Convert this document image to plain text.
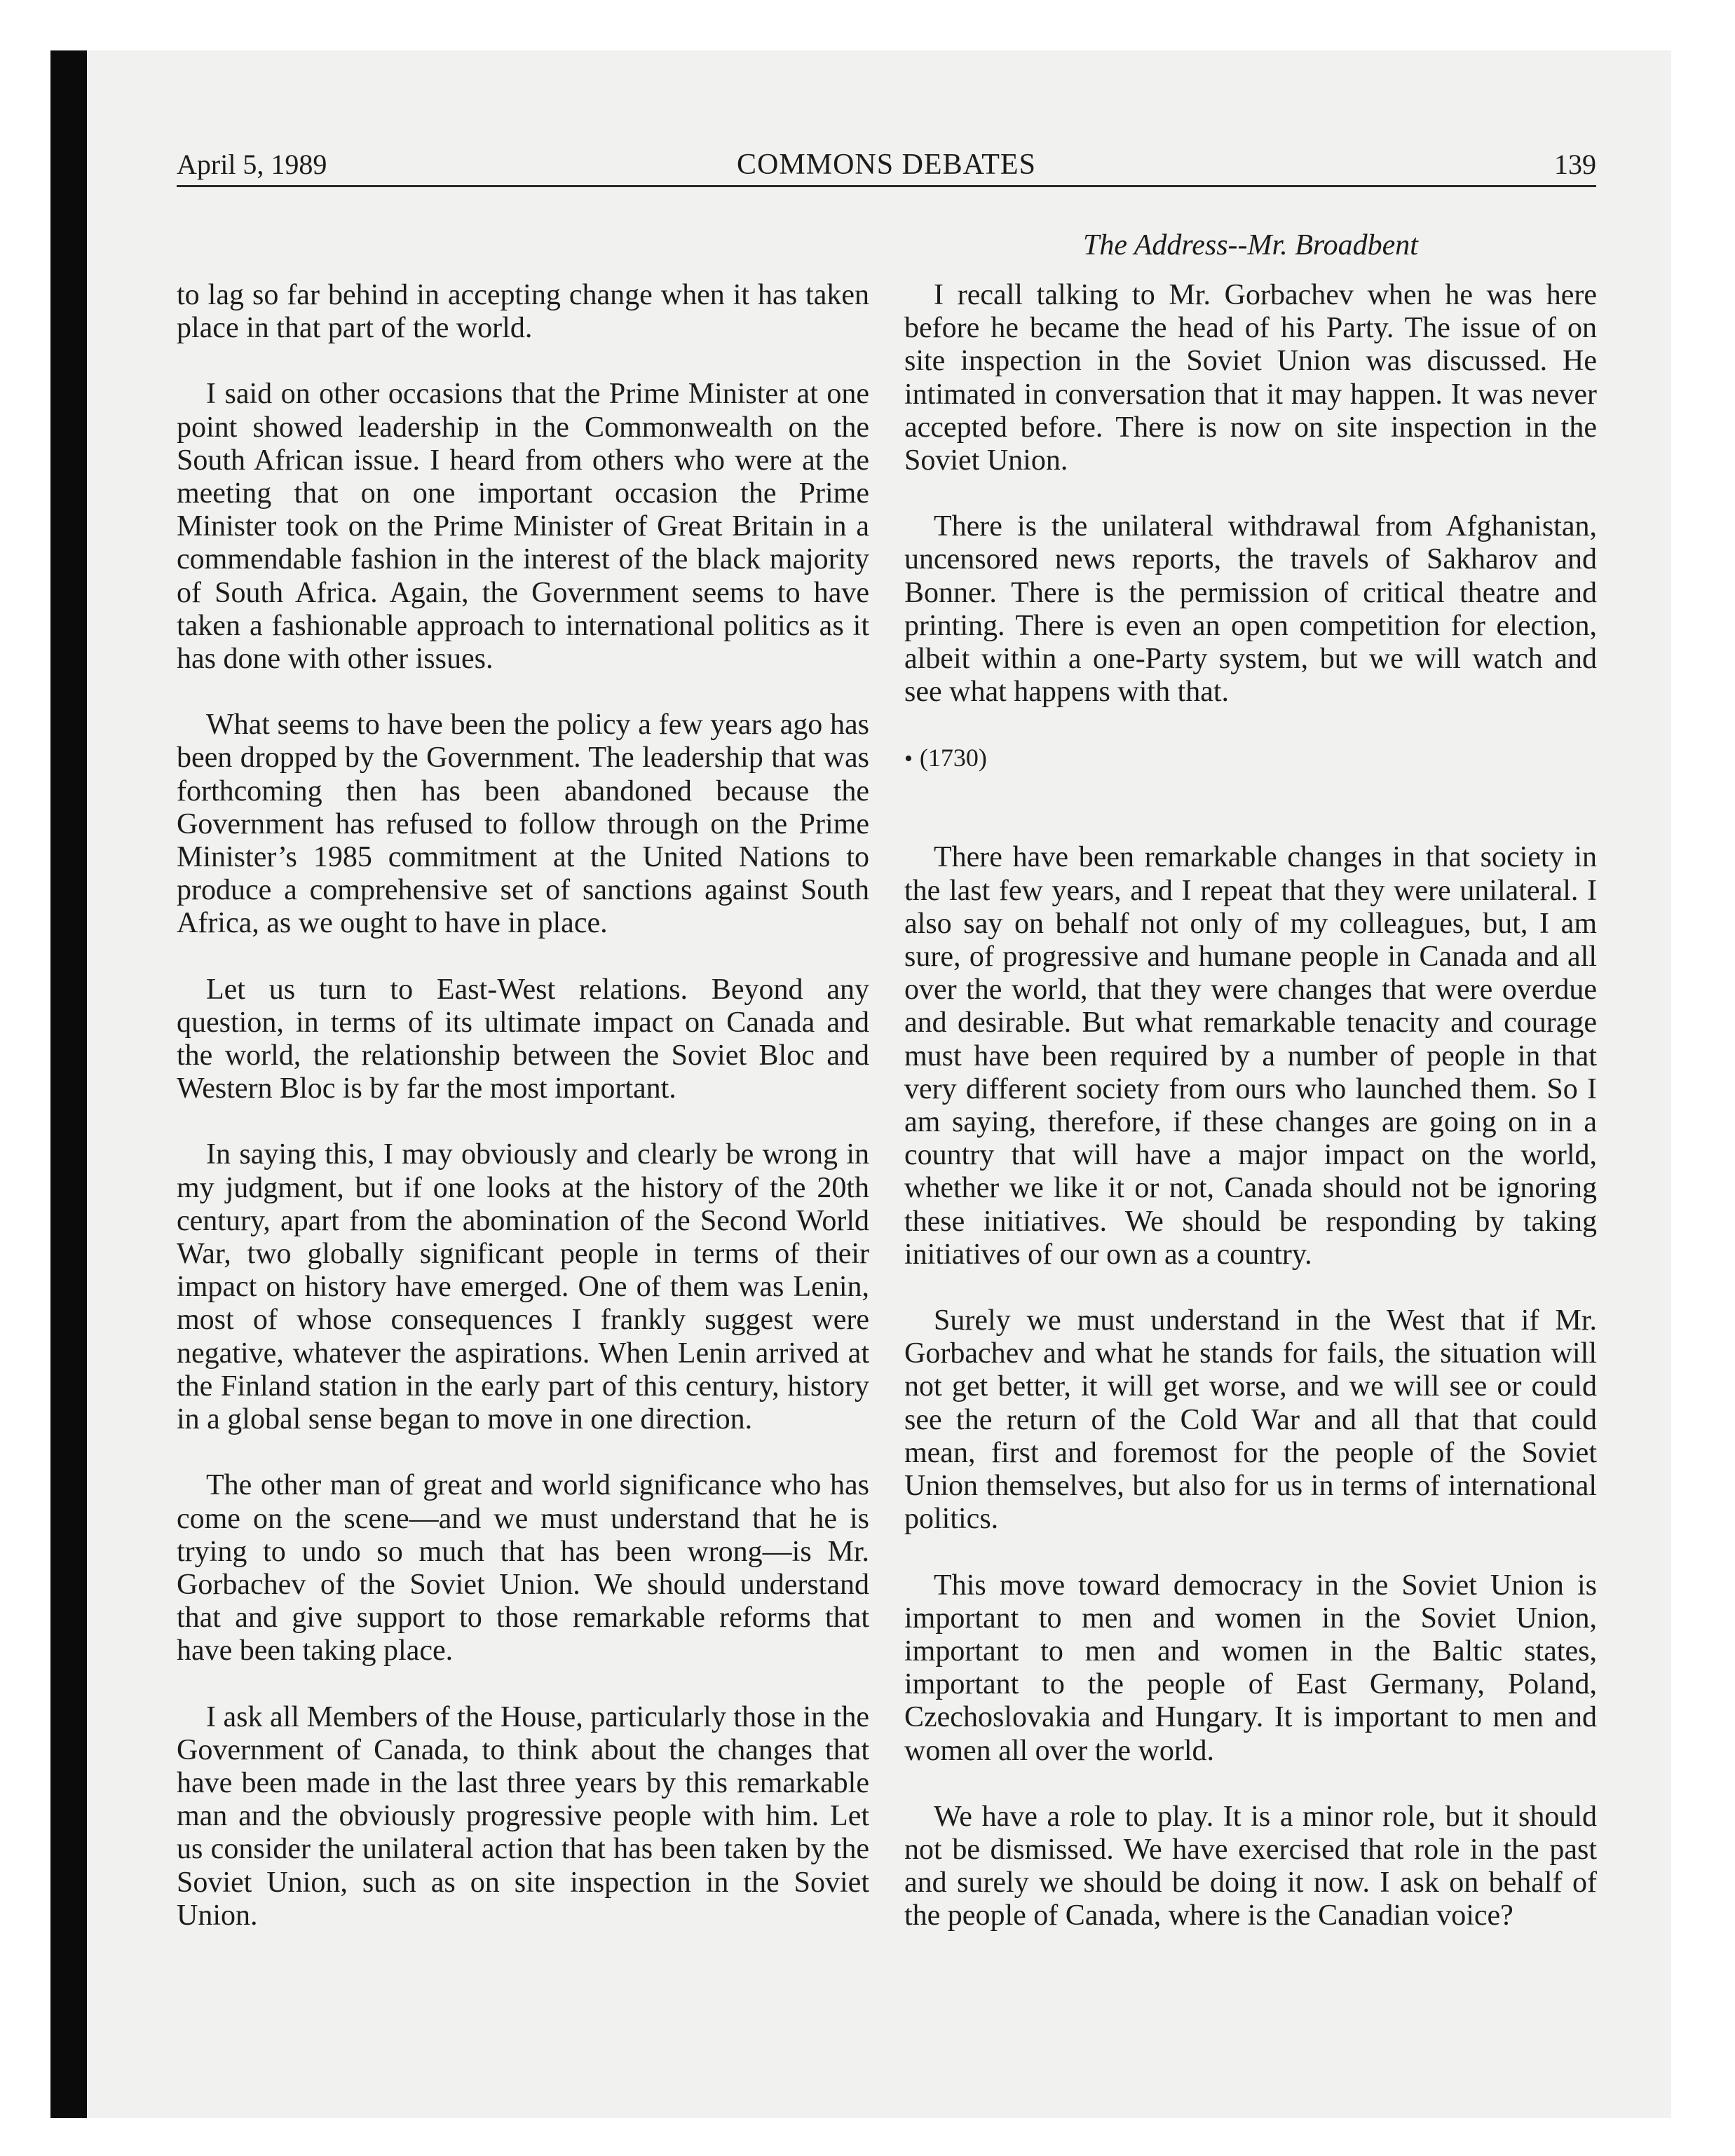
April 5, 1989	COMMONS DEBATES	139
The Address--Mr. Broadbent

to lag so far behind in accepting change when it has taken place in that part of the world.

I said on other occasions that the Prime Minister at one point showed leadership in the Commonwealth on the South African issue. I heard from others who were at the meeting that on one important occasion the Prime Minister took on the Prime Minister of Great Britain in a commendable fashion in the interest of the black majority of South Africa. Again, the Government seems to have taken a fashionable approach to international politics as it has done with other issues.

What seems to have been the policy a few years ago has been dropped by the Government. The leadership that was forthcoming then has been abandoned because the Government has refused to follow through on the Prime Minister’s 1985 commitment at the United Nations to produce a comprehensive set of sanctions against South Africa, as we ought to have in place.

Let us turn to East-West relations. Beyond any question, in terms of its ultimate impact on Canada and the world, the relationship between the Soviet Bloc and Western Bloc is by far the most important.

In saying this, I may obviously and clearly be wrong in my judgment, but if one looks at the history of the 20th century, apart from the abomination of the Second World War, two globally significant people in terms of their impact on history have emerged. One of them was Lenin, most of whose consequences I frankly suggest were negative, whatever the aspirations. When Lenin arrived at the Finland station in the early part of this century, history in a global sense began to move in one direction.

The other man of great and world significance who has come on the scene—and we must understand that he is trying to undo so much that has been wrong—is Mr. Gorbachev of the Soviet Union. We should understand that and give support to those remarkable reforms that have been taking place.

I ask all Members of the House, particularly those in the Government of Canada, to think about the changes that have been made in the last three years by this remarkable man and the obviously progressive people with him. Let us consider the unilateral action that has been taken by the Soviet Union, such as on site inspection in the Soviet Union.

I recall talking to Mr. Gorbachev when he was here before he became the head of his Party. The issue of on site inspection in the Soviet Union was discussed. He intimated in conversation that it may happen. It was never accepted before. There is now on site inspection in the Soviet Union.

There is the unilateral withdrawal from Afghanistan, uncensored news reports, the travels of Sakharov and Bonner. There is the permission of critical theatre and printing. There is even an open competition for election, albeit within a one-Party system, but we will watch and see what happens with that.

• (1730)

There have been remarkable changes in that society in the last few years, and I repeat that they were unilateral. I also say on behalf not only of my colleagues, but, I am sure, of progressive and humane people in Canada and all over the world, that they were changes that were overdue and desirable. But what remarkable tenacity and courage must have been required by a number of people in that very different society from ours who launched them. So I am saying, therefore, if these changes are going on in a country that will have a major impact on the world, whether we like it or not, Canada should not be ignoring these initiatives. We should be responding by taking initiatives of our own as a country.

Surely we must understand in the West that if Mr. Gorbachev and what he stands for fails, the situation will not get better, it will get worse, and we will see or could see the return of the Cold War and all that that could mean, first and foremost for the people of the Soviet Union themselves, but also for us in terms of international politics.

This move toward democracy in the Soviet Union is important to men and women in the Soviet Union, important to men and women in the Baltic states, important to the people of East Germany, Poland, Czechoslovakia and Hungary. It is important to men and women all over the world.

We have a role to play. It is a minor role, but it should not be dismissed. We have exercised that role in the past and surely we should be doing it now. I ask on behalf of the people of Canada, where is the Canadian voice?
